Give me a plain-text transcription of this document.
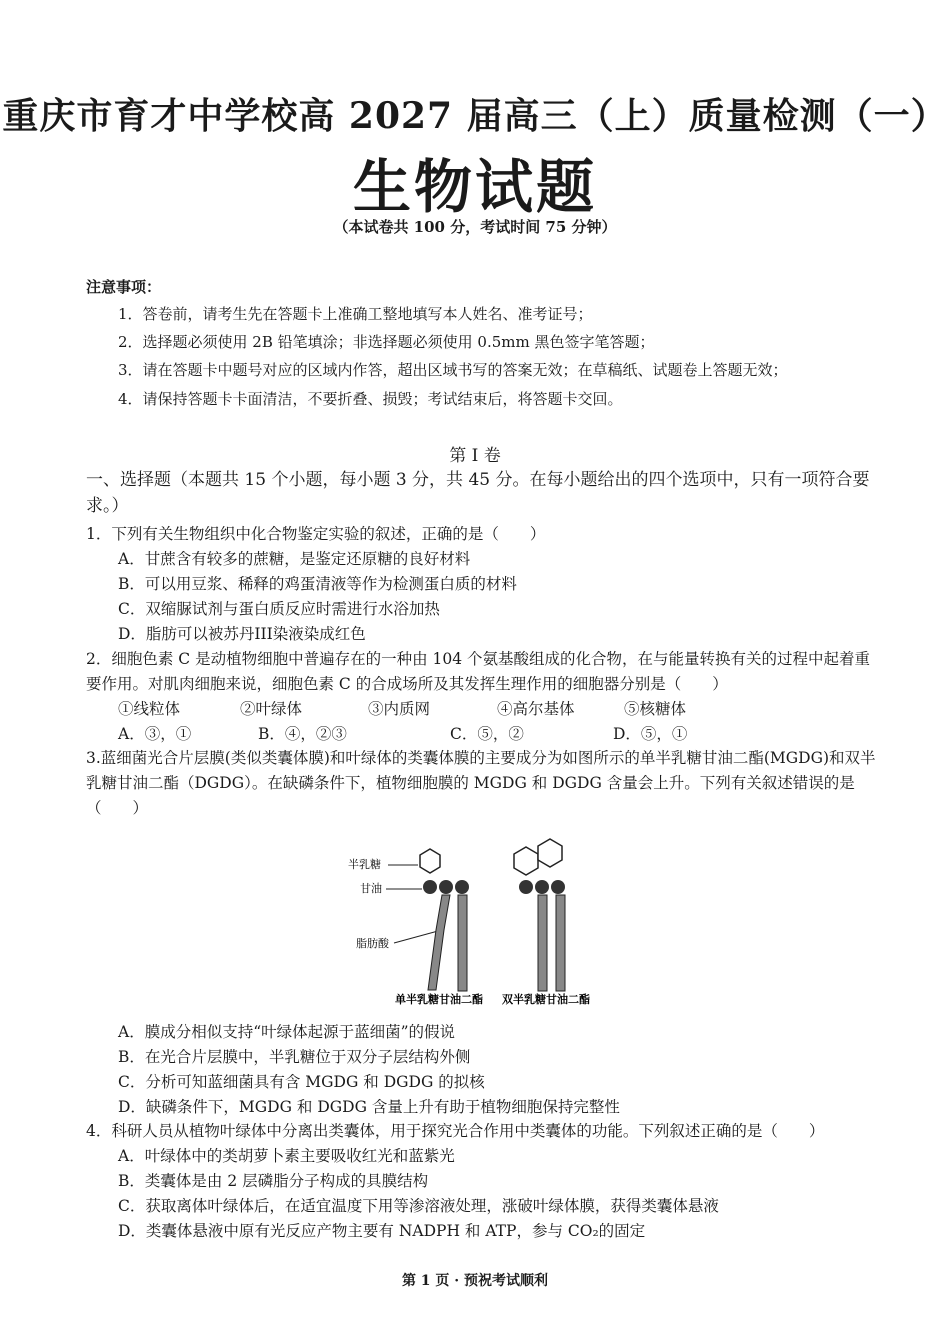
重庆市育才中学校高 2027 届高三（上）质量检测（一）
生物试题
（本试卷共 100 分，考试时间 75 分钟）
注意事项：
1．答卷前，请考生先在答题卡上准确工整地填写本人姓名、准考证号；
2．选择题必须使用 2B 铅笔填涂；非选择题必须使用 0.5mm 黑色签字笔答题；
3．请在答题卡中题号对应的区域内作答，超出区域书写的答案无效；在草稿纸、试题卷上答题无效；
4．请保持答题卡卡面清洁，不要折叠、损毁；考试结束后，将答题卡交回。
第 I 卷
一、选择题（本题共 15 个小题，每小题 3 分，共 45 分。在每小题给出的四个选项中，只有一项符合要求。）
1．下列有关生物组织中化合物鉴定实验的叙述，正确的是（　　）
A．甘蔗含有较多的蔗糖，是鉴定还原糖的良好材料
B．可以用豆浆、稀释的鸡蛋清液等作为检测蛋白质的材料
C．双缩脲试剂与蛋白质反应时需进行水浴加热
D．脂肪可以被苏丹III染液染成红色
2．细胞色素 C 是动植物细胞中普遍存在的一种由 104 个氨基酸组成的化合物，在与能量转换有关的过程中起着重要作用。对肌肉细胞来说，细胞色素 C 的合成场所及其发挥生理作用的细胞器分别是（　　）
①线粒体	②叶绿体	③内质网	④高尔基体	⑤核糖体
A．③，①	B．④，②③	C．⑤，②	D．⑤，①
3.蓝细菌光合片层膜(类似类囊体膜)和叶绿体的类囊体膜的主要成分为如图所示的单半乳糖甘油二酯(MGDG)和双半乳糖甘油二酯（DGDG）。在缺磷条件下，植物细胞膜的 MGDG 和 DGDG 含量会上升。下列有关叙述错误的是（　　）
半乳糖
甘油
脂肪酸
单半乳糖甘油二酯 双半乳糖甘油二酯
A．膜成分相似支持“叶绿体起源于蓝细菌”的假说
B．在光合片层膜中，半乳糖位于双分子层结构外侧
C．分析可知蓝细菌具有含 MGDG 和 DGDG 的拟核
D．缺磷条件下，MGDG 和 DGDG 含量上升有助于植物细胞保持完整性
4．科研人员从植物叶绿体中分离出类囊体，用于探究光合作用中类囊体的功能。下列叙述正确的是（　　）
A．叶绿体中的类胡萝卜素主要吸收红光和蓝紫光
B．类囊体是由 2 层磷脂分子构成的具膜结构
C．获取离体叶绿体后，在适宜温度下用等渗溶液处理，涨破叶绿体膜，获得类囊体悬液
D．类囊体悬液中原有光反应产物主要有 NADPH 和 ATP，参与 CO₂的固定
第 1 页 · 预祝考试顺利
